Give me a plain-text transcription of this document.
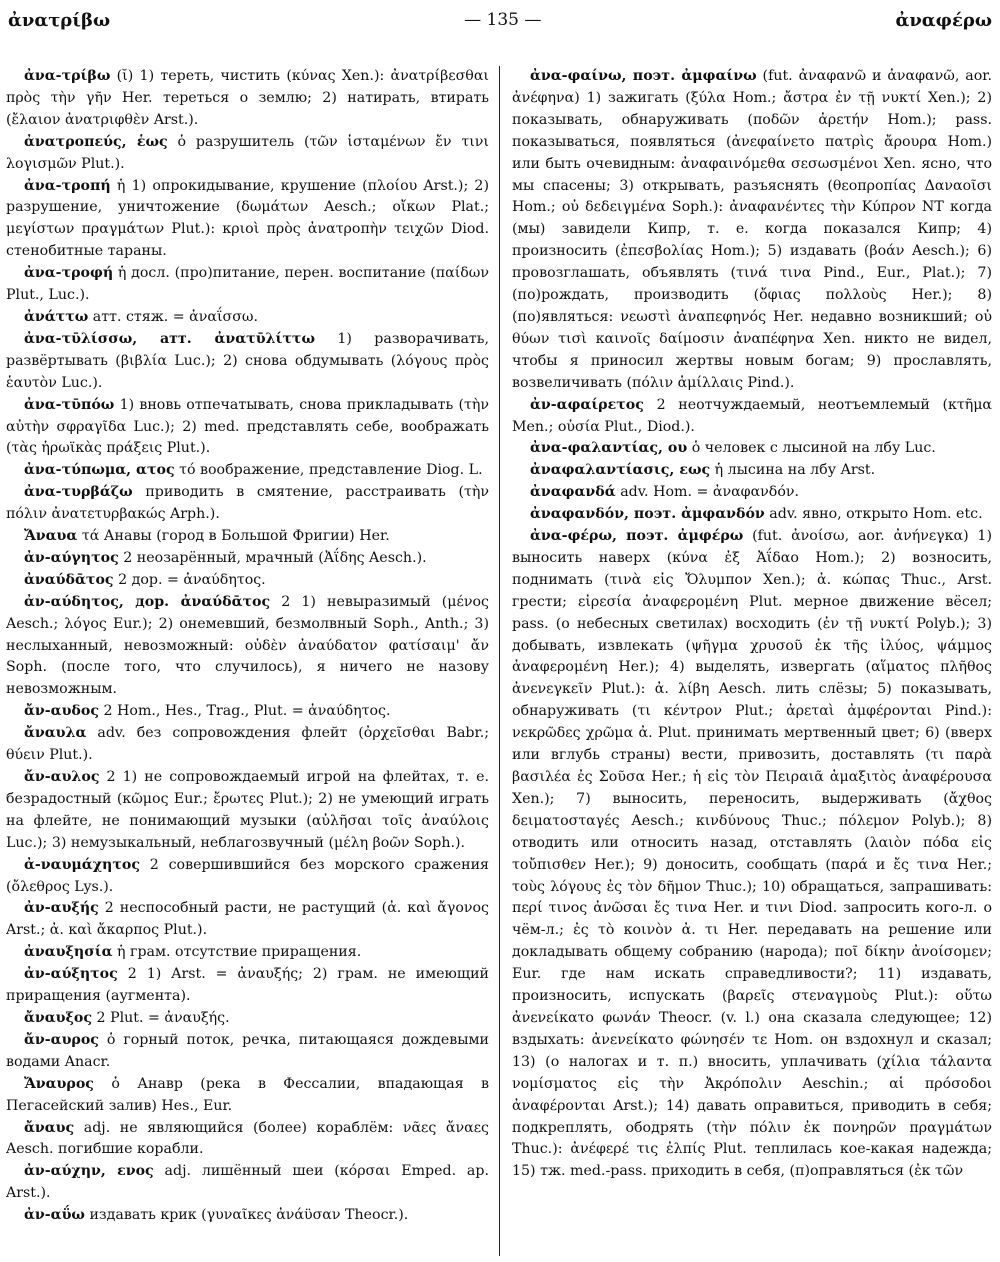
ἀνατρίβω	— 135 —	ἀναφέρω

ἀνα-τρίβω (ῐ) 1) тереть, чистить (κύνας Xen.): ἀνατρίβεσθαι πρὸς τὴν γῆν Her. тереться о землю; 2) натирать, втирать (ἔλαιον ἀνατριφθὲν Arst.).

ἀνατροπεύς, ἑως ὁ разрушитель (τῶν ἱσταμένων ἔν τινι λογισμῶν Plut.).

ἀνα-τροπή ἡ 1) опрокидывание, крушение (πλοίου Arst.); 2) разрушение, уничтожение (δωμάτων Aesch.; οἴκων Plat.; μεγίστων πραγμάτων Plut.): κριοὶ πρὸς ἀνατροπὴν τειχῶν Diod. стенобитные тараны.

ἀνα-τροφή ἡ досл. (про)питание, перен. воспитание (παίδων Plut., Luc.).

ἀνάττω атт. стяж. = ἀναΐσσω.

ἀνα-τῡλίσσω, атт. ἀνατῡλίττω 1) разворачивать, развёртывать (βιβλία Luc.); 2) снова обдумывать (λόγους πρὸς ἑαυτὸν Luc.).

ἀνα-τῡπόω 1) вновь отпечатывать, снова прикладывать (τὴν αὐτὴν σφραγῖδα Luc.); 2) med. представлять себе, воображать (τὰς ἡρωϊκὰς πράξεις Plut.).

ἀνα-τύπωμα, ατος τό воображение, представление Diog. L.

ἀνα-τυρβάζω приводить в смятение, расстраивать (τὴν πόλιν ἀνατετυρβακώς Arph.).

Ἄναυα τά Анавы (город в Большой Фригии) Her.

ἀν-αύγητος 2 неозарённый, мрачный (Ἀΐδης Aesch.).

ἀναύδᾱτος 2 дор. = ἀναύδητος.

ἀν-αύδητος, дор. ἀναύδᾱτος 2 1) невыразимый (μένος Aesch.; λόγος Eur.); 2) онемевший, безмолвный Soph., Anth.; 3) неслыханный, невозможный: οὐδὲν ἀναύδατον φατίσαιμ' ἄν Soph. (после того, что случилось), я ничего не назову невозможным.

ἄν-αυδος 2 Hom., Hes., Trag., Plut. = ἀναύδητος.

ἄναυλα adv. без сопровождения флейт (ὀρχεῖσθαι Babr.; θύειν Plut.).

ἄν-αυλος 2 1) не сопровождаемый игрой на флейтах, т. е. безрадостный (κῶμος Eur.; ἔρωτες Plut.); 2) не умеющий играть на флейте, не понимающий музыки (αὐλῆσαι τοῖς ἀναύλοις Luc.); 3) немузыкальный, неблагозвучный (μέλη βοῶν Soph.).

ἀ-ναυμάχητος 2 совершившийся без морского сражения (ὄλεθρος Lys.).

ἀν-αυξής 2 неспособный расти, не растущий (ἀ. καὶ ἄγονος Arst.; ἀ. καὶ ἄκαρπος Plut.).

ἀναυξησία ἡ грам. отсутствие приращения.

ἀν-αύξητος 2 1) Arst. = ἀναυξής; 2) грам. не имеющий приращения (аугмента).

ἄναυξος 2 Plut. = ἀναυξής.

ἄν-αυρος ὁ горный поток, речка, питающаяся дождевыми водами Anacr.

Ἄναυρος ὁ Анавр (река в Фессалии, впадающая в Пегасейский залив) Hes., Eur.

ἄναυς adj. не являющийся (более) кораблём: νᾶες ἄναες Aesch. погибшие корабли.

ἀν-αύχην, ενος adj. лишённый шеи (κόρσαι Emped. ap. Arst.).

ἀν-αΰω издавать крик (γυναῖκες ἀνάϋσαν Theocr.).

ἀνα-φαίνω, поэт. ἀμφαίνω (fut. ἀναφανῶ и ἀναφανῶ, aor. ἀνέφηνα) 1) зажигать (ξύλα Hom.; ἄστρα ἐν τῇ νυκτί Xen.); 2) показывать, обнаруживать (ποδῶν ἀρετήν Hom.); pass. показываться, появляться (ἀνεφαίνετο πατρὶς ἄρουρα Hom.) или быть очевидным: ἀναφαινόμεθα σεσωσμένοι Xen. ясно, что мы спасены; 3) открывать, разъяснять (θεοπροπίας Δαναοῖσι Hom.; οὐ δεδειγμένα Soph.): ἀναφανέντες τὴν Κύπρον NT когда (мы) завидели Кипр, т. е. когда показался Кипр; 4) произносить (ἐπεσβολίας Hom.); 5) издавать (βοάν Aesch.); 6) провозглашать, объявлять (τινά τινα Pind., Eur., Plat.); 7) (по)рождать, производить (ὄφιας πολλοὺς Her.); 8) (по)являться: νεωστὶ ἀναπεφηνός Her. недавно возникший; οὐ θύων τισὶ καινοῖς δαίμοσιν ἀναπέφηνα Xen. никто не видел, чтобы я приносил жертвы новым богам; 9) прославлять, возвеличивать (πόλιν ἁμίλλαις Pind.).

ἀν-αφαίρετος 2 неотчуждаемый, неотъемлемый (κτῆμα Men.; οὐσία Plut., Diod.).

ἀνα-φαλαντίας, ου ὁ человек с лысиной на лбу Luc.

ἀναφαλαντίασις, εως ἡ лысина на лбу Arst.

ἀναφανδά adv. Hom. = ἀναφανδόν.

ἀναφανδόν, поэт. ἀμφανδόν adv. явно, открыто Hom. etc.

ἀνα-φέρω, поэт. ἀμφέρω (fut. ἀνοίσω, aor. ἀνήνεγκα) 1) выносить наверх (κύνα ἐξ Ἀΐδαο Hom.); 2) возносить, поднимать (τινὰ εἰς Ὄλυμπον Xen.); ἀ. κώπας Thuc., Arst. грести; εἰρεσία ἀναφερομένη Plut. мерное движение вёсел; pass. (о небесных светилах) восходить (ἐν τῇ νυκτί Polyb.); 3) добывать, извлекать (ψῆγμα χρυσοῦ ἐκ τῆς ἰλύος, ψάμμος ἀναφερομένη Her.); 4) выделять, извергать (αἵματος πλῆθος ἀνενεγκεῖν Plut.): ἀ. λίβη Aesch. лить слёзы; 5) показывать, обнаруживать (τι κέντρον Plut.; ἀρεταὶ ἀμφέρονται Pind.): νεκρῶδες χρῶμα ἀ. Plut. принимать мертвенный цвет; 6) (вверх или вглубь страны) вести, привозить, доставлять (τι παρὰ βασιλέα ἐς Σοῦσα Her.; ἡ εἰς τὸν Πειραιᾶ ἁμαξιτὸς ἀναφέρουσα Xen.); 7) выносить, переносить, выдерживать (ἄχθος δειματοσταγές Aesch.; κινδύνους Thuc.; πόλεμον Polyb.); 8) отводить или относить назад, отставлять (λαιὸν πόδα εἰς τοὔπισθεν Her.); 9) доносить, сообщать (παρά и ἔς τινα Her.; τοὺς λόγους ἐς τὸν δῆμον Thuc.); 10) обращаться, запрашивать: περί τινος ἀνῶσαι ἔς τινα Her. и τινι Diod. запросить кого-л. о чём-л.; ἐς τὸ κοινὸν ἀ. τι Her. передавать на решение или докладывать общему собранию (народа); ποῖ δίκην ἀνοίσομεν; Eur. где нам искать справедливости?; 11) издавать, произносить, испускать (βαρεῖς στεναγμοὺς Plut.): οὕτω ἀνενείκατο φωνάν Theocr. (v. l.) она сказала следующее; 12) вздыхать: ἀνενείκατο φώνησέν τε Hom. он вздохнул и сказал; 13) (о налогах и т. п.) вносить, уплачивать (χίλια τάλαντα νομίσματος εἰς τὴν Ἀκρόπολιν Aeschin.; αἱ πρόσοδοι ἀναφέρονται Arst.); 14) давать оправиться, приводить в себя; подкреплять, ободрять (τὴν πόλιν ἐκ πονηρῶν πραγμάτων Thuc.): ἀνέφερέ τις ἐλπίς Plut. теплилась кое-какая надежда; 15) тж. med.-pass. приходить в себя, (п)оправляться (ἐκ τῶν
